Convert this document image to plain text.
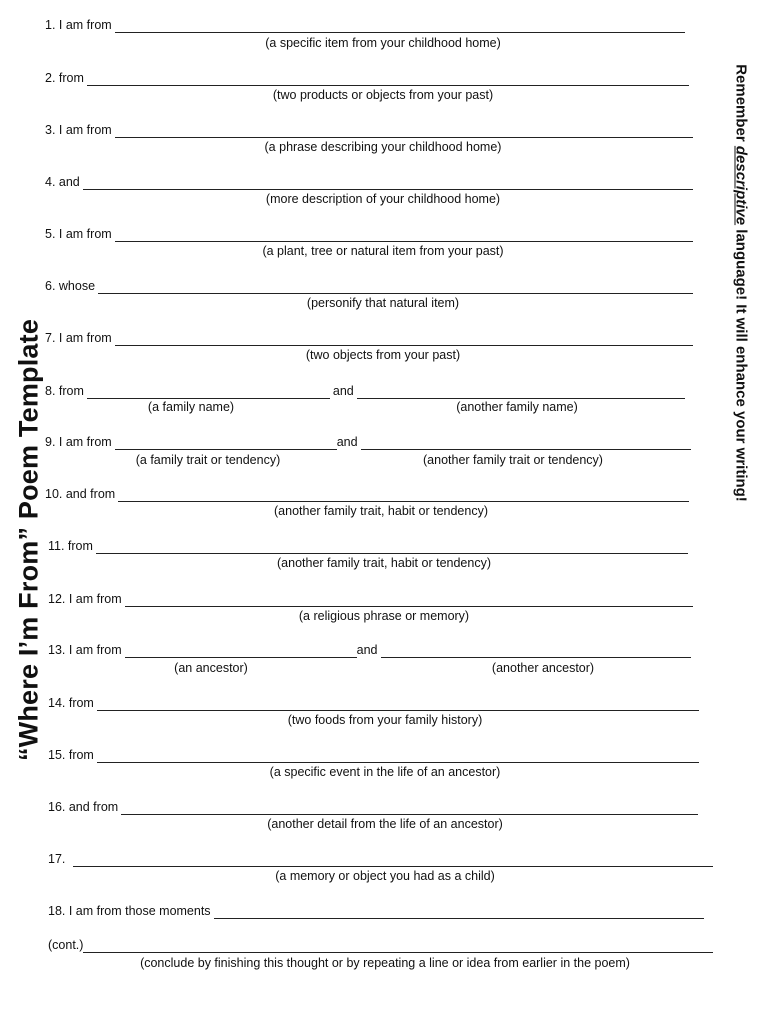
“Where I’m From” Poem Template
Remember descriptive language! It will enhance your writing!
1. I am from
(a specific item from your childhood home)
2. from
(two products or objects from your past)
3. I am from
(a phrase describing your childhood home)
4. and
(more description of your childhood home)
5. I am from
(a plant, tree or natural item from your past)
6. whose
(personify that natural item)
7. I am from
(two objects from your past)
8. from	and
(a family name)	(another family name)
9. I am from	and
(a family trait or tendency)	(another family trait or tendency)
10. and from
(another family trait, habit or tendency)
11. from
(another family trait, habit or tendency)
12. I am from
(a religious phrase or memory)
13. I am from	and
(an ancestor)	(another ancestor)
14. from
(two foods from your family history)
15. from
(a specific event in the life of an ancestor)
16. and from
(another detail from the life of an ancestor)
17.
(a memory or object you had as a child)
18. I am from those moments
(cont.)
(conclude by finishing this thought or by repeating a line or idea from earlier in the poem)
